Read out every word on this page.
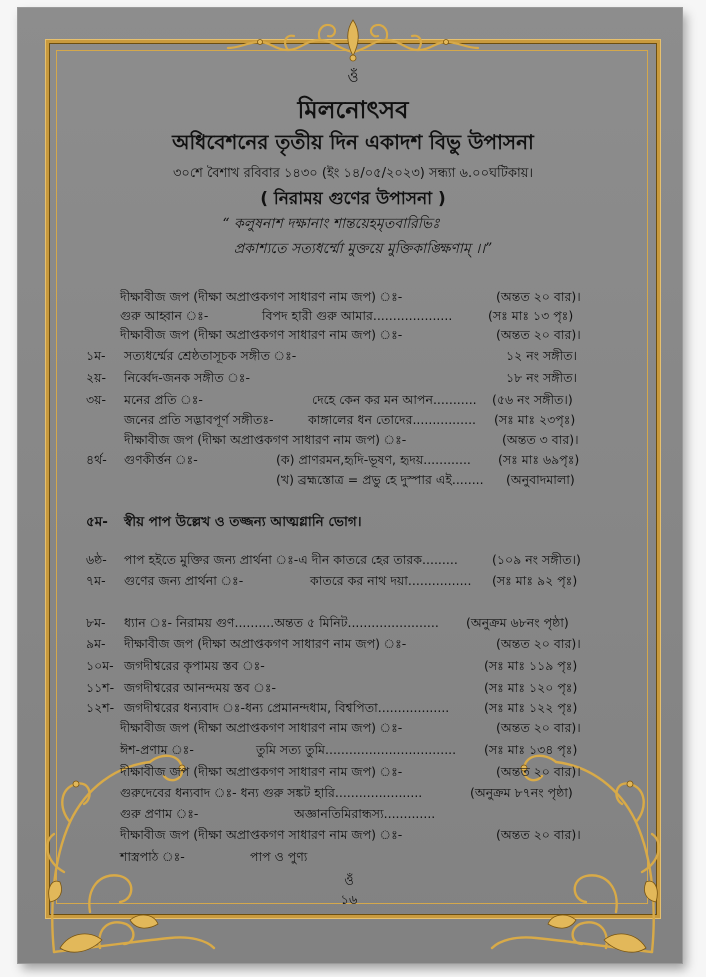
ওঁ
মিলনোৎসব
অধিবেশনের তৃতীয় দিন একাদশ বিভু উপাসনা
৩০শে বৈশাখ রবিবার ১৪৩০ (ইং ১৪/০৫/২০২৩) সন্ধ্যা ৬.০০ঘটিকায়।
( নিরাময় গুণের উপাসনা )
“ কলুষনাশ দক্ষানাং শান্তয়েহমৃতবারিভিঃ
প্রকাশ্যতে সত্যধর্ম্মো মুক্তয়ে মুক্তিকাঙ্ক্ষিণাম্ ।।”
দীক্ষাবীজ জপ (দীক্ষা অপ্রাপ্তকগণ সাধারণ নাম জপ) ঃ-	(অন্তত ২০ বার)।
গুরু আহ্বান ঃ-	বিপদ হারী গুরু আমার....................	(সঃ মাঃ ১৩ পৃঃ)
দীক্ষাবীজ জপ (দীক্ষা অপ্রাপ্তকগণ সাধারণ নাম জপ) ঃ-	(অন্তত ২০ বার)।
১ম- সত্যধর্ম্মের শ্রেষ্ঠতাসূচক সঙ্গীত ঃ-	১২ নং সঙ্গীত।
২য়- নির্ব্বেদ-জনক সঙ্গীত ঃ-	১৮ নং সঙ্গীত।
৩য়- মনের প্রতি ঃ-	দেহে কেন কর মন আপন........... (৫৬ নং সঙ্গীত।)
জনের প্রতি সদ্ভাবপূর্ণ সঙ্গীতঃ-	কাঙ্গালের ধন তোদের................ (সঃ মাঃ ২৩পৃঃ)
দীক্ষাবীজ জপ (দীক্ষা অপ্রাপ্তকগণ সাধারণ নাম জপ) ঃ-	(অন্তত ৩ বার)।
৪র্থ- গুণকীর্ত্তন ঃ-	(ক) প্রাণরমন,হৃদি-ভূষণ, হৃদয়............ (সঃ মাঃ ৬৯পৃঃ)
(খ) ব্রহ্মস্তোত্র = প্রভু হে দুস্পার এই........ (অনুবাদমালা)
৫ম- স্বীয় পাপ উল্লেখ ও তজ্জন্য আত্মগ্লানি ভোগ।
৬ষ্ঠ- পাপ হইতে মুক্তির জন্য প্রার্থনা ঃ-এ দীন কাতরে হের তারক.........	(১০৯ নং সঙ্গীত।)
৭ম- গুণের জন্য প্রার্থনা ঃ-	কাতরে কর নাথ দয়া................ (সঃ মাঃ ৯২ পৃঃ)
৮ম- ধ্যান ঃ- নিরাময় গুণ..........অন্তত ৫ মিনিট....................... (অনুক্রম ৬৮নং পৃষ্ঠা)
৯ম- দীক্ষাবীজ জপ (দীক্ষা অপ্রাপ্তকগণ সাধারণ নাম জপ) ঃ-	(অন্তত ২০ বার)।
১০ম- জগদীশ্বরের কৃপাময় স্তব ঃ-	(সঃ মাঃ ১১৯ পৃঃ)
১১শ- জগদীশ্বরের আনন্দময় স্তব ঃ-	(সঃ মাঃ ১২০ পৃঃ)
১২শ- জগদীশ্বরের ধন্যবাদ ঃ-ধন্য প্রেমানন্দধাম, বিশ্বপিতা..................	(সঃ মাঃ ১২২ পৃঃ)
দীক্ষাবীজ জপ (দীক্ষা অপ্রাপ্তকগণ সাধারণ নাম জপ) ঃ-	(অন্তত ২০ বার)।
ঈশ-প্রণাম ঃ-	তুমি সত্য তুমি................................. (সঃ মাঃ ১৩৪ পৃঃ)
দীক্ষাবীজ জপ (দীক্ষা অপ্রাপ্তকগণ সাধারণ নাম জপ) ঃ-	(অন্তত ২০ বার)।
গুরুদেবের ধন্যবাদ ঃ- ধন্য গুরু সঙ্কট হারি......................	(অনুক্রম ৮৭নং পৃষ্ঠা)
গুরু প্রণাম ঃ-	অজ্ঞানতিমিরান্ধস্য.............
দীক্ষাবীজ জপ (দীক্ষা অপ্রাপ্তকগণ সাধারণ নাম জপ) ঃ-	(অন্তত ২০ বার)।
শাস্ত্রপাঠ ঃ-	পাপ ও পুণ্য
ওঁ
১৬
